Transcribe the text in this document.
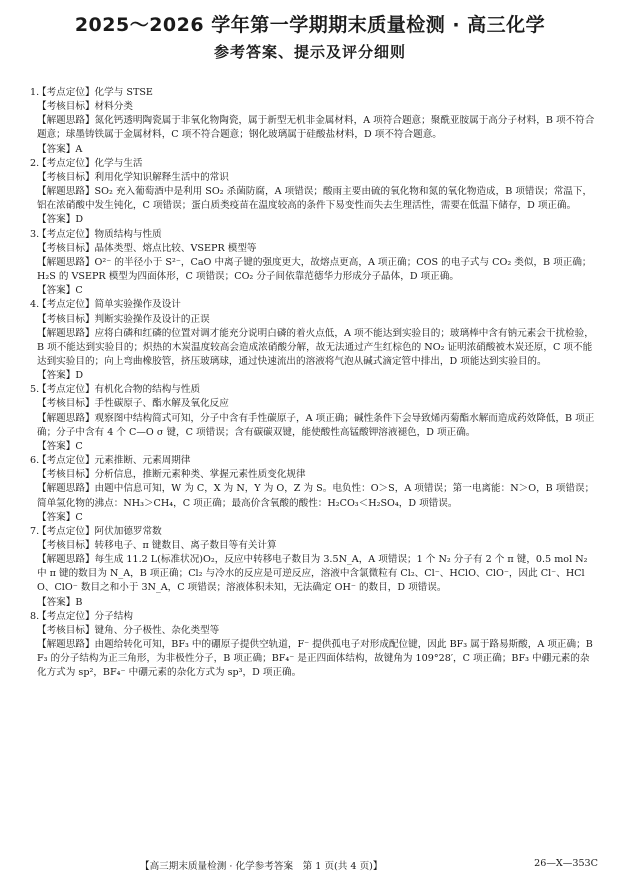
2025～2026 学年第一学期期末质量检测 · 高三化学
参考答案、提示及评分细则
1.
【考点定位】化学与 STSE
【考核目标】材料分类
【解题思路】氮化钙透明陶瓷属于非氧化物陶瓷，属于新型无机非金属材料，A 项符合题意；聚酰亚胺属于高分子材料，B 项不符合题意；球墨铸铁属于金属材料，C 项不符合题意；钢化玻璃属于硅酸盐材料，D 项不符合题意。
【答案】A
2.
【考点定位】化学与生活
【考核目标】利用化学知识解释生活中的常识
【解题思路】SO₂ 充入葡萄酒中是利用 SO₂ 杀菌防腐，A 项错误；酸雨主要由硫的氧化物和氮的氧化物造成，B 项错误；常温下，铝在浓硝酸中发生钝化，C 项错误；蛋白质类疫苗在温度较高的条件下易变性而失去生理活性，需要在低温下储存，D 项正确。
【答案】D
3.
【考点定位】物质结构与性质
【考核目标】晶体类型、熔点比较、VSEPR 模型等
【解题思路】O²⁻ 的半径小于 S²⁻，CaO 中离子键的强度更大，故熔点更高，A 项正确；COS 的电子式与 CO₂ 类似，B 项正确；H₂S 的 VSEPR 模型为四面体形，C 项错误；CO₂ 分子间依靠范德华力形成分子晶体，D 项正确。
【答案】C
4.
【考点定位】简单实验操作及设计
【考核目标】判断实验操作及设计的正误
【解题思路】应将白磷和红磷的位置对调才能充分说明白磷的着火点低，A 项不能达到实验目的；玻璃棒中含有钠元素会干扰检验，B 项不能达到实验目的；炽热的木炭温度较高会造成浓硝酸分解，故无法通过产生红棕色的 NO₂ 证明浓硝酸被木炭还原，C 项不能达到实验目的；向上弯曲橡胶管，挤压玻璃球，通过快速流出的溶液将气泡从碱式滴定管中排出，D 项能达到实验目的。
【答案】D
5.
【考点定位】有机化合物的结构与性质
【考核目标】手性碳原子、酯水解及氧化反应
【解题思路】观察图中结构简式可知，分子中含有手性碳原子，A 项正确；碱性条件下会导致烯丙菊酯水解而造成药效降低，B 项正确；分子中含有 4 个 C—O σ 键，C 项错误；含有碳碳双键，能使酸性高锰酸钾溶液褪色，D 项正确。
【答案】C
6.
【考点定位】元素推断、元素周期律
【考核目标】分析信息，推断元素种类、掌握元素性质变化规律
【解题思路】由题中信息可知，W 为 C，X 为 N，Y 为 O，Z 为 S。电负性：O＞S，A 项错误；第一电离能：N＞O，B 项错误；简单氢化物的沸点：NH₃＞CH₄，C 项正确；最高价含氧酸的酸性：H₂CO₃＜H₂SO₄，D 项错误。
【答案】C
7.
【考点定位】阿伏加德罗常数
【考核目标】转移电子、π 键数目、离子数目等有关计算
【解题思路】每生成 11.2 L(标准状况)O₂，反应中转移电子数目为 3.5N_A，A 项错误；1 个 N₂ 分子有 2 个 π 键，0.5 mol N₂ 中 π 键的数目为 N_A，B 项正确；Cl₂ 与冷水的反应是可逆反应，溶液中含氯微粒有 Cl₂、Cl⁻、HClO、ClO⁻，因此 Cl⁻、HClO、ClO⁻ 数目之和小于 3N_A，C 项错误；溶液体积未知，无法确定 OH⁻ 的数目，D 项错误。
【答案】B
8.
【考点定位】分子结构
【考核目标】键角、分子极性、杂化类型等
【解题思路】由题给转化可知，BF₃ 中的硼原子提供空轨道，F⁻ 提供孤电子对形成配位键，因此 BF₃ 属于路易斯酸，A 项正确；BF₃ 的分子结构为正三角形，为非极性分子，B 项正确；BF₄⁻ 是正四面体结构，故键角为 109°28′，C 项正确；BF₃ 中硼元素的杂化方式为 sp²，BF₄⁻ 中硼元素的杂化方式为 sp³，D 项正确。
【高三期末质量检测 · 化学参考答案　第 1 页(共 4 页)】	26—X—353C
